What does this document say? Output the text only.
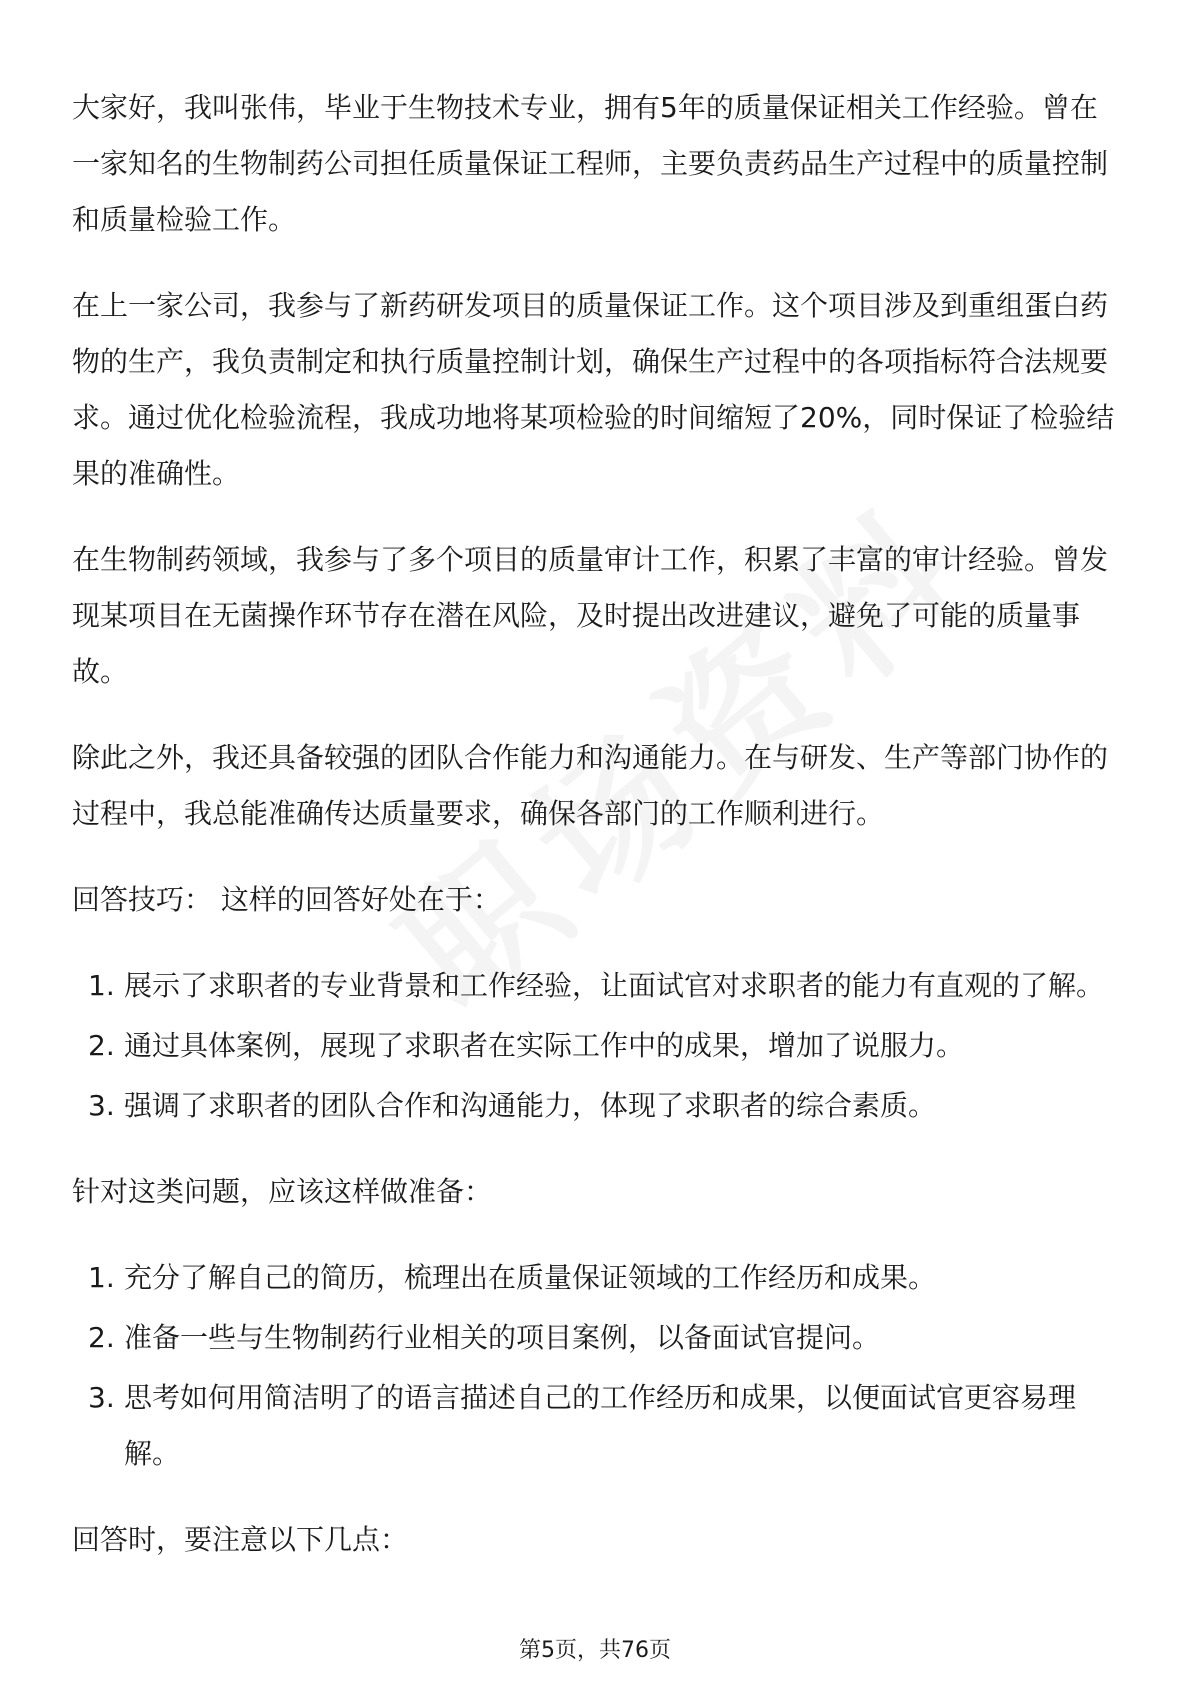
大家好，我叫张伟，毕业于生物技术专业，拥有5年的质量保证相关工作经验。曾在一家知名的生物制药公司担任质量保证工程师，主要负责药品生产过程中的质量控制和质量检验工作。

在上一家公司，我参与了新药研发项目的质量保证工作。这个项目涉及到重组蛋白药物的生产，我负责制定和执行质量控制计划，确保生产过程中的各项指标符合法规要求。通过优化检验流程，我成功地将某项检验的时间缩短了20%，同时保证了检验结果的准确性。

在生物制药领域，我参与了多个项目的质量审计工作，积累了丰富的审计经验。曾发现某项目在无菌操作环节存在潜在风险，及时提出改进建议，避免了可能的质量事故。

除此之外，我还具备较强的团队合作能力和沟通能力。在与研发、生产等部门协作的过程中，我总能准确传达质量要求，确保各部门的工作顺利进行。

回答技巧： 这样的回答好处在于：

1. 展示了求职者的专业背景和工作经验，让面试官对求职者的能力有直观的了解。
2. 通过具体案例，展现了求职者在实际工作中的成果，增加了说服力。
3. 强调了求职者的团队合作和沟通能力，体现了求职者的综合素质。

针对这类问题，应该这样做准备：

1. 充分了解自己的简历，梳理出在质量保证领域的工作经历和成果。
2. 准备一些与生物制药行业相关的项目案例，以备面试官提问。
3. 思考如何用简洁明了的语言描述自己的工作经历和成果，以便面试官更容易理解。

回答时，要注意以下几点：

第5页，共76页
